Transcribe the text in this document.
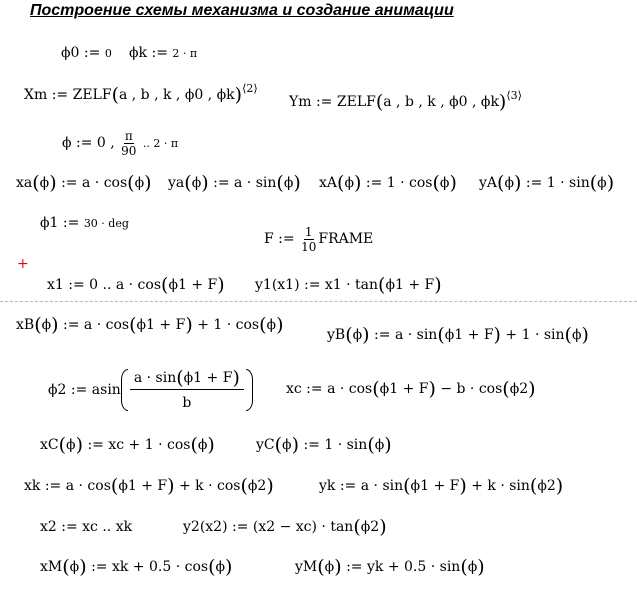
Построение схемы механизма и создание анимации
ϕ0 := 0 ϕk := 2 · π
Xm := ZELF(a , b , k , ϕ0 , ϕk)$^{⟨2⟩}$
Ym := ZELF(a , b , k , ϕ0 , ϕk)$^{⟨3⟩}$
ϕ := 0 , $\frac{\pi}{90}$ .. 2 · π
xa(ϕ) := a · cos(ϕ) ya(ϕ) := a · sin(ϕ) xA(ϕ) := 1 · cos(ϕ) yA(ϕ) := 1 · sin(ϕ)
ϕ1 := 30 · deg
F := $\frac{1}{10}$ FRAME
+
x1 := 0 .. a · cos(ϕ1 + F) y1(x1) := x1 · tan(ϕ1 + F)
xB(ϕ) := a · cos(ϕ1 + F) + 1 · cos(ϕ)	yB(ϕ) := a · sin(ϕ1 + F) + 1 · sin(ϕ)
ϕ2 := asin $\frac{a \cdot \sin(\phi 1 + F)}{b}$	xc := a · cos(ϕ1 + F) − b · cos(ϕ2)
xC(ϕ) := xc + 1 · cos(ϕ)	yC(ϕ) := 1 · sin(ϕ)
xk := a · cos(ϕ1 + F) + k · cos(ϕ2)	yk := a · sin(ϕ1 + F) + k · sin(ϕ2)
x2 := xc .. xk	y2(x2) := (x2 − xc) · tan(ϕ2)
xM(ϕ) := xk + 0.5 · cos(ϕ)	yM(ϕ) := yk + 0.5 · sin(ϕ)
